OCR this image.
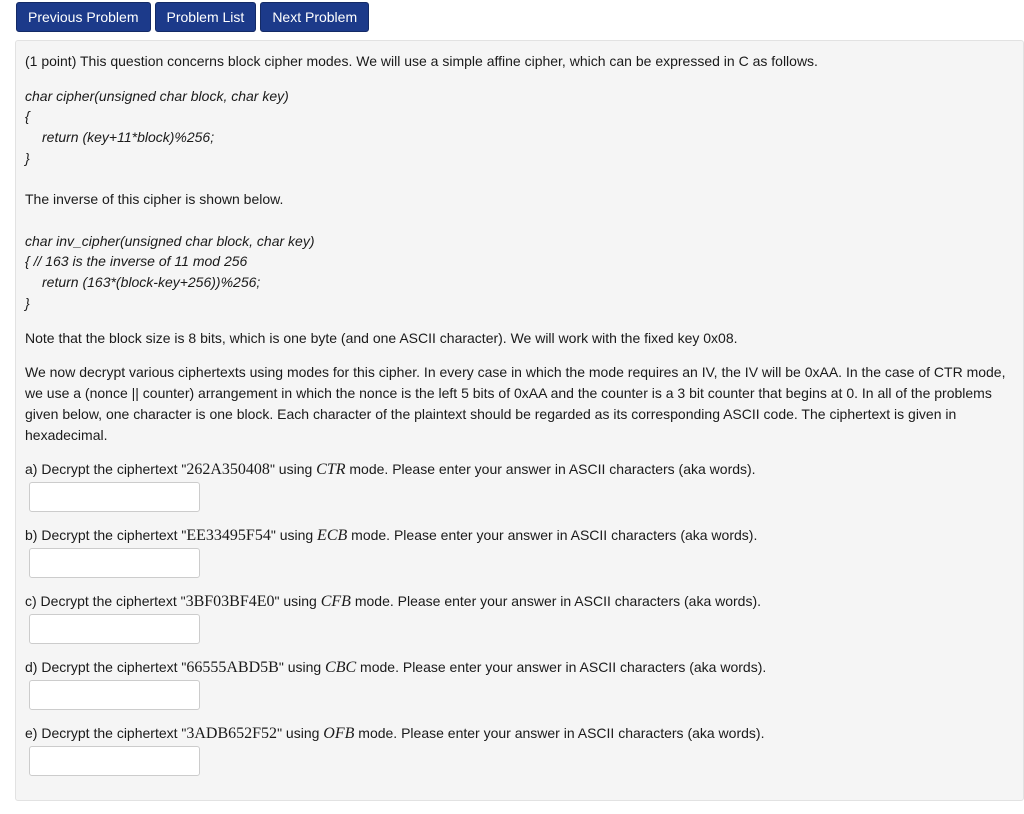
Previous Problem	Problem List	Next Problem

(1 point) This question concerns block cipher modes. We will use a simple affine cipher, which can be expressed in C as follows.

char cipher(unsigned char block, char key)

{

return (key+11*block)%256;

}

The inverse of this cipher is shown below.

char inv_cipher(unsigned char block, char key)

{ // 163 is the inverse of 11 mod 256

return (163*(block-key+256))%256;

}

Note that the block size is 8 bits, which is one byte (and one ASCII character). We will work with the fixed key 0x08.

We now decrypt various ciphertexts using modes for this cipher. In every case in which the mode requires an IV, the IV will be 0xAA. In the case of CTR mode, we use a (nonce || counter) arrangement in which the nonce is the left 5 bits of 0xAA and the counter is a 3 bit counter that begins at 0. In all of the problems given below, one character is one block. Each character of the plaintext should be regarded as its corresponding ASCII code. The ciphertext is given in hexadecimal.

a) Decrypt the ciphertext "262A350408" using CTR mode. Please enter your answer in ASCII characters (aka words).

b) Decrypt the ciphertext "EE33495F54" using ECB mode. Please enter your answer in ASCII characters (aka words).

c) Decrypt the ciphertext "3BF03BF4E0" using CFB mode. Please enter your answer in ASCII characters (aka words).

d) Decrypt the ciphertext "66555ABD5B" using CBC mode. Please enter your answer in ASCII characters (aka words).

e) Decrypt the ciphertext "3ADB652F52" using OFB mode. Please enter your answer in ASCII characters (aka words).
